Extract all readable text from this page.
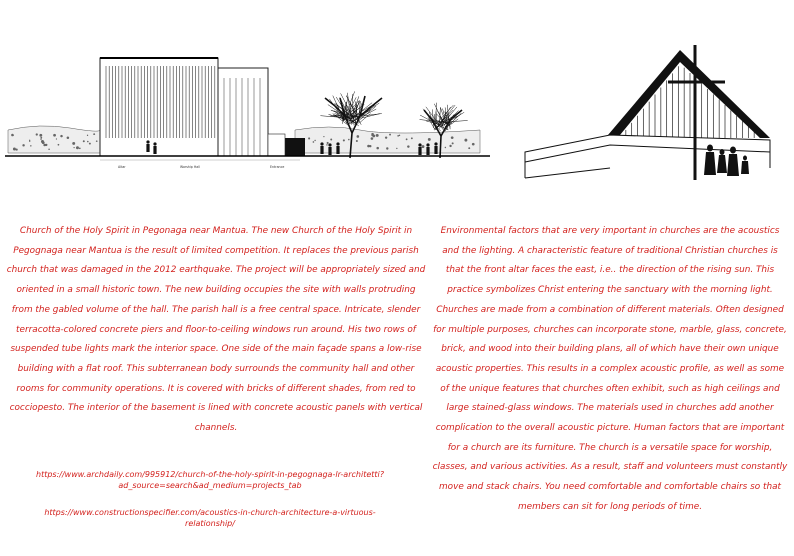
Altar	Worship Hall	Entrance
Church of the Holy Spirit in Pegonaga near Mantua. The new Church of the Holy Spirit in Pegognaga near Mantua is the result of limited competition. It replaces the previous parish church that was damaged in the 2012 earthquake. The project will be appropriately sized and oriented in a small historic town. The new building occupies the site with walls protruding from the gabled volume of the hall. The parish hall is a free central space. Intricate, slender terracotta-colored concrete piers and floor-to-ceiling windows run around. His two rows of suspended tube lights mark the interior space. One side of the main façade spans a low-rise building with a flat roof. This subterranean body surrounds the community hall and other rooms for community operations. It is covered with bricks of different shades, from red to cocciopesto. The interior of the basement is lined with concrete acoustic panels with vertical channels.
Environmental factors that are very important in churches are the acoustics and the lighting. A characteristic feature of traditional Christian churches is that the front altar faces the east, i.e.. the direction of the rising sun. This practice symbolizes Christ entering the sanctuary with the morning light. Churches are made from a combination of different materials. Often designed for multiple purposes, churches can incorporate stone, marble, glass, concrete, brick, and wood into their building plans, all of which have their own unique acoustic properties. This results in a complex acoustic profile, as well as some of the unique features that churches often exhibit, such as high ceilings and large stained-glass windows. The materials used in churches add another complication to the overall acoustic picture. Human factors that are important for a church are its furniture. The church is a versatile space for worship, classes, and various activities. As a result, staff and volunteers must constantly move and stack chairs. You need comfortable and comfortable chairs so that members can sit for long periods of time.
https://www.archdaily.com/995912/church-of-the-holy-spirit-in-pegognaga-lr-architetti?ad_source=search&ad_medium=projects_tab
https://www.constructionspecifier.com/acoustics-in-church-architecture-a-virtuous-relationship/
